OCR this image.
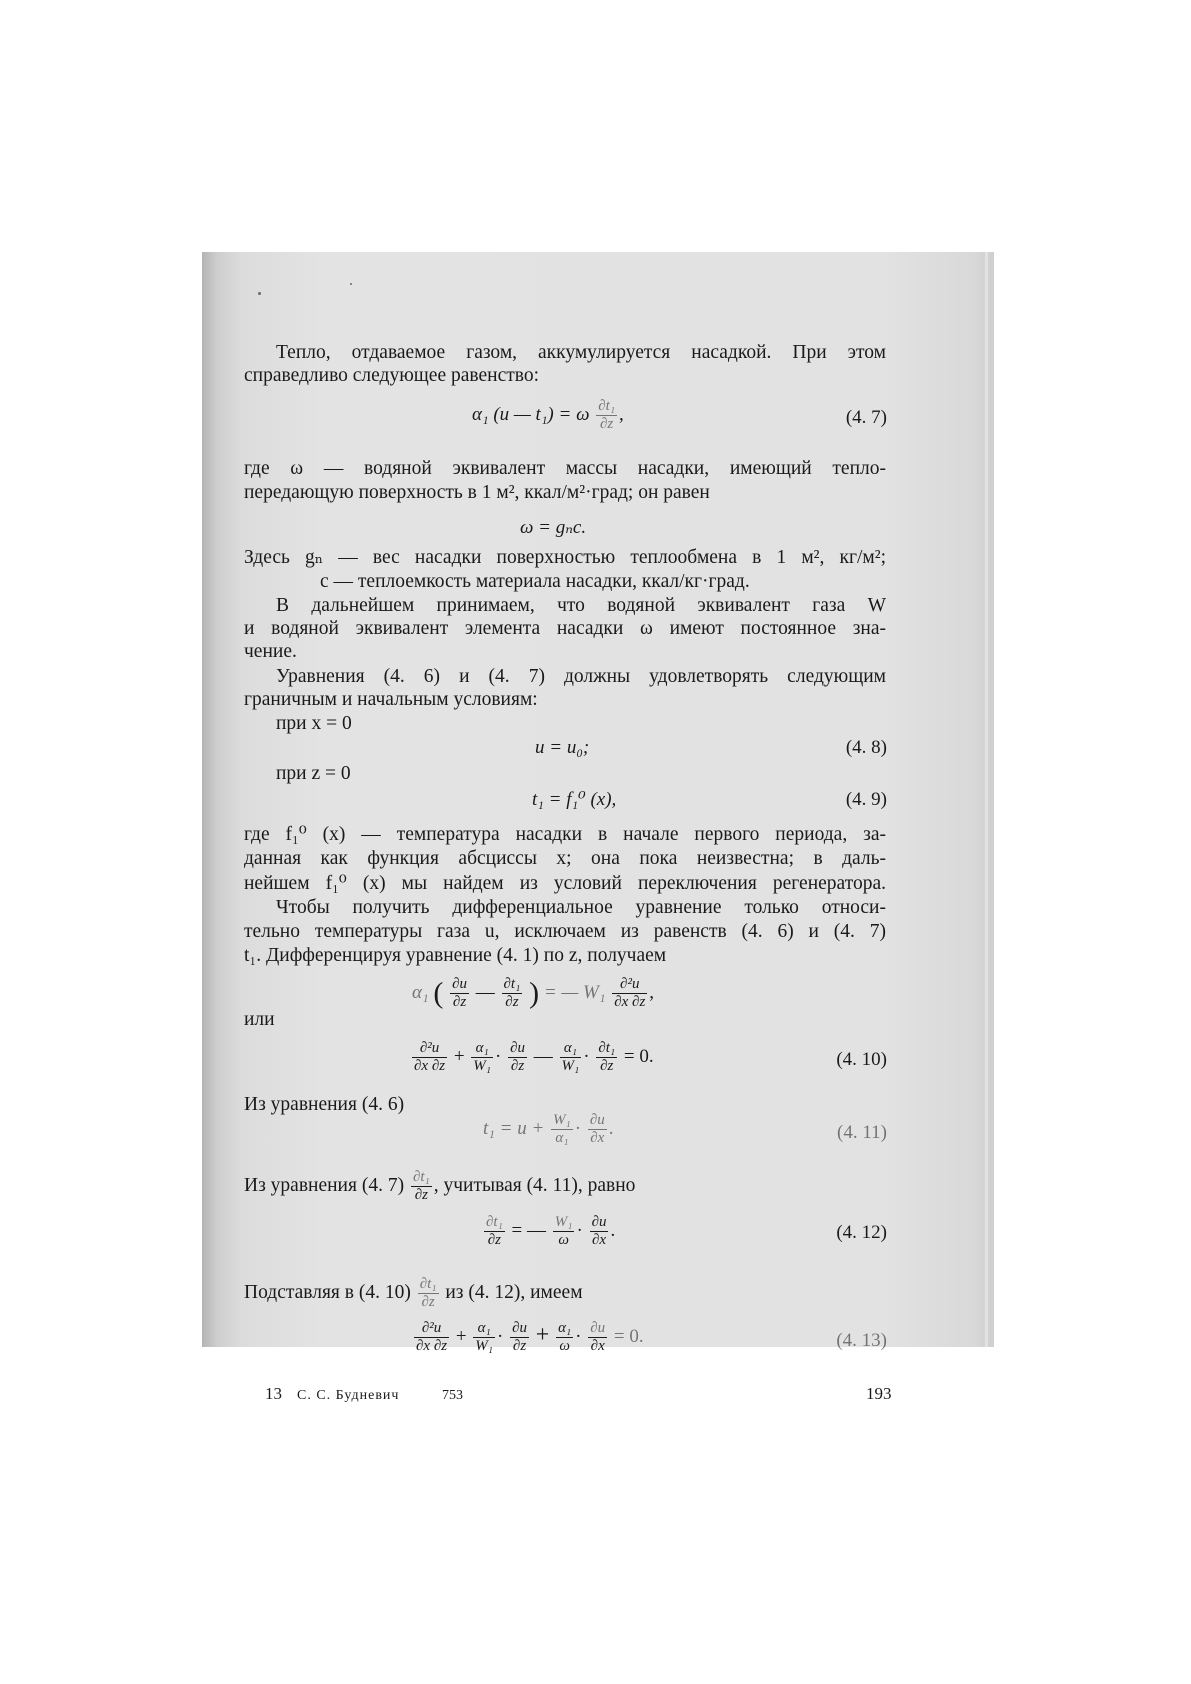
Тепло, отдаваемое газом, аккумулируется насадкой. При этом
справедливо следующее равенство:
α₁ (u — t₁) = ω $\frac{\text{∂t₁}}{\partial z}$ ,	(4. 7)
где ω — водяной эквивалент массы насадки, имеющий тепло-
передающую поверхность в 1 м², ккал/м²·град; он равен
ω = gₙc.
Здесь gₙ — вес насадки поверхностью теплообмена в 1 м², кг/м²;
c — теплоемкость материала насадки, ккал/кг·град.
В дальнейшем принимаем, что водяной эквивалент газа W
и водяной эквивалент элемента насадки ω имеют постоянное зна-
чение.
Уравнения (4. 6) и (4. 7) должны удовлетворять следующим
граничным и начальным условиям:
при x = 0
u = u₀;	(4. 8)
при z = 0
t₁ = f₁⁰ (x),	(4. 9)
где f₁⁰ (x) — температура насадки в начале первого периода, за-
данная как функция абсциссы x; она пока неизвестна; в даль-
нейшем f₁⁰ (x) мы найдем из условий переключения регенератора.
Чтобы получить дифференциальное уравнение только относи-
тельно температуры газа u, исключаем из равенств (4. 6) и (4. 7)
t₁. Дифференцируя уравнение (4. 1) по z, получаем
α₁ ( $\frac{\partial u}{\partial z}$ — $\frac{\text{∂t₁}}{\partial z}$ ) = — $W_1 \frac{\text{∂²u}}{\partial x \partial z}$ ,
или
$\frac{\text{∂²u}}{\partial x \partial z} + \frac{\text{α₁}}{\text{W₁}} \cdot \frac{\partial u}{\partial z}$ — $\frac{\text{α₁}}{\text{W₁}} \cdot \frac{\text{∂t₁}}{\partial z} = 0$.	(4. 10)
Из уравнения (4. 6)
$t_1 = u + \frac{\text{W₁}}{\text{α₁}} \cdot \frac{\partial u}{\partial x}$ .	(4. 11)
Из уравнения (4. $7) \frac{\text{∂t₁}}{\partial z}$ , учитывая (4. 11), равно
$\frac{\text{∂t₁}}{\partial z}$ = — $\frac{\text{W₁}}{\omega} \cdot \frac{\partial u}{\partial x}$ .	(4. 12)
Подставляя в (4. $10) \frac{\text{∂t₁}}{\partial z}$ из (4. 12), имеем
$\frac{\text{∂²u}}{\partial x \partial z} + \frac{\text{α₁}}{\text{W₁}} \cdot \frac{\partial u}{\partial z} + \frac{\text{α₁}}{\omega} \cdot \frac{\partial u}{\partial x} = 0$.	(4. 13)
13 С. С. Будневич	753	193
